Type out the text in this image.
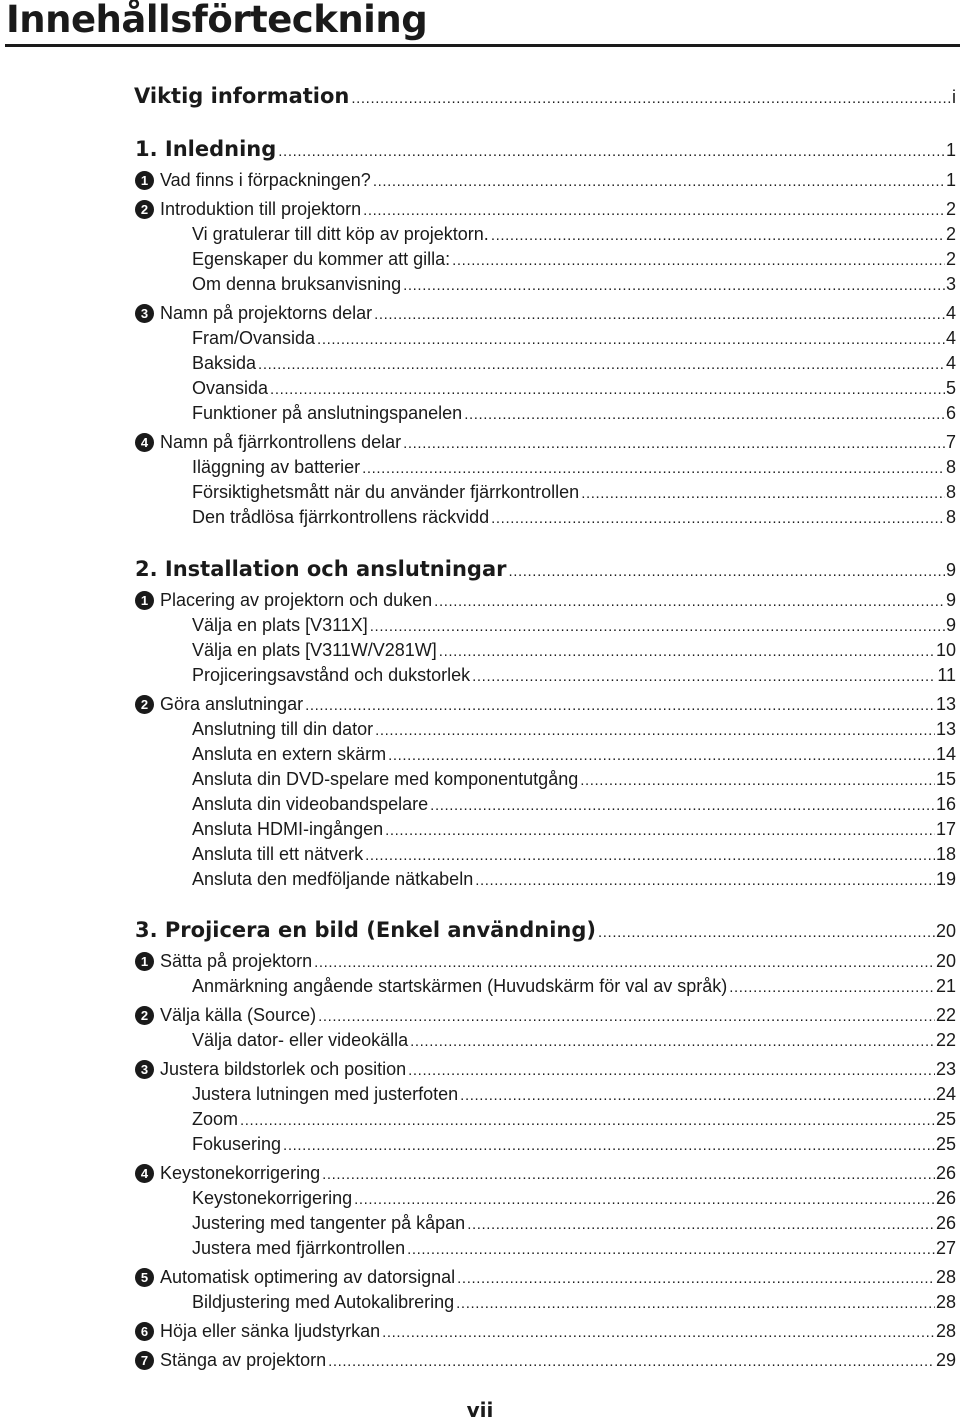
Innehållsförteckning
Viktig information .....	i
1. Inledning .....	1
1 Vad finns i förpackningen? .....	1
2 Introduktion till projektorn .....	2
Vi gratulerar till ditt köp av projektorn. .....	2
Egenskaper du kommer att gilla: .....	2
Om denna bruksanvisning .....	3
3 Namn på projektorns delar .....	4
Fram/Ovansida .....	4
Baksida .....	4
Ovansida .....	5
Funktioner på anslutningspanelen .....	6
4 Namn på fjärrkontrollens delar .....	7
Iläggning av batterier .....	8
Försiktighetsmått när du använder fjärrkontrollen .....	8
Den trådlösa fjärrkontrollens räckvidd .....	8
2. Installation och anslutningar .....	9
1 Placering av projektorn och duken .....	9
Välja en plats [V311X] .....	9
Välja en plats [V311W/V281W] .....	10
Projiceringsavstånd och dukstorlek .....	11
2 Göra anslutningar .....	13
Anslutning till din dator .....	13
Ansluta en extern skärm .....	14
Ansluta din DVD-spelare med komponentutgång .....	15
Ansluta din videobandspelare .....	16
Ansluta HDMI-ingången .....	17
Ansluta till ett nätverk .....	18
Ansluta den medföljande nätkabeln .....	19
3. Projicera en bild (Enkel användning) .....	20
1 Sätta på projektorn .....	20
Anmärkning angående startskärmen (Huvudskärm för val av språk) .....	21
2 Välja källa (Source) .....	22
Välja dator- eller videokälla .....	22
3 Justera bildstorlek och position .....	23
Justera lutningen med justerfoten .....	24
Zoom .....	25
Fokusering .....	25
4 Keystonekorrigering .....	26
Keystonekorrigering .....	26
Justering med tangenter på kåpan .....	26
Justera med fjärrkontrollen .....	27
5 Automatisk optimering av datorsignal .....	28
Bildjustering med Autokalibrering .....	28
6 Höja eller sänka ljudstyrkan .....	28
7 Stänga av projektorn .....	29
vii
